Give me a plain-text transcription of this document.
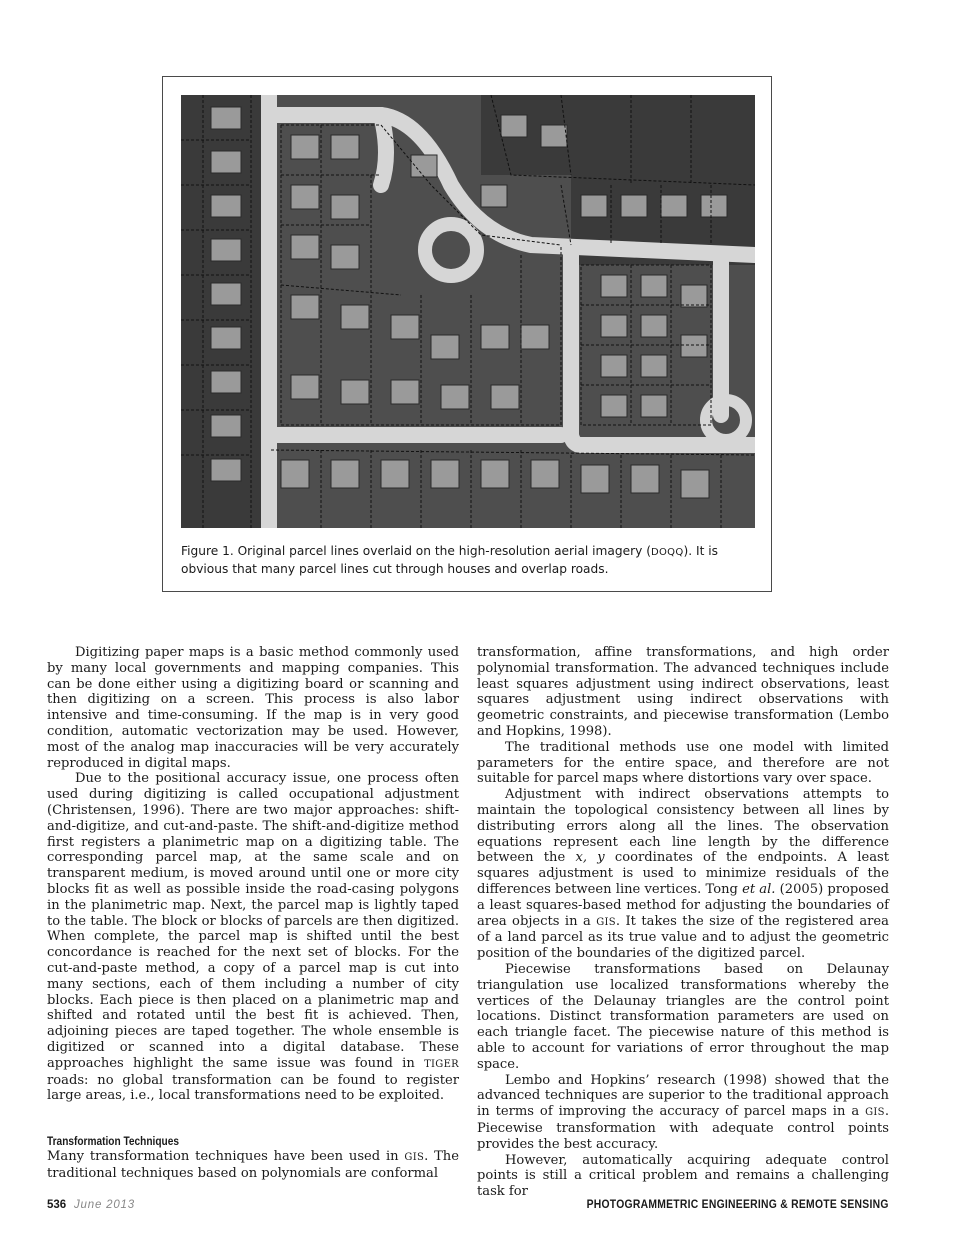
Figure 1. Original parcel lines overlaid on the high-resolution aerial imagery (DOQQ). It is obvious that many parcel lines cut through houses and overlap roads.

Digitizing paper maps is a basic method commonly used by many local governments and mapping companies. This can be done either using a digitizing board or scanning and then digitizing on a screen. This process is also labor intensive and time-consuming. If the map is in very good condition, automatic vectorization may be used. However, most of the analog map inaccuracies will be very accurately reproduced in digital maps.

Due to the positional accuracy issue, one process often used during digitizing is called occupational adjustment (Christensen, 1996). There are two major approaches: shift-and-digitize, and cut-and-paste. The shift-and-digitize method first registers a planimetric map on a digitizing table. The corresponding parcel map, at the same scale and on transparent medium, is moved around until one or more city blocks fit as well as possible inside the road-casing polygons in the planimetric map. Next, the parcel map is lightly taped to the table. The block or blocks of parcels are then digitized. When complete, the parcel map is shifted until the best concordance is reached for the next set of blocks. For the cut-and-paste method, a copy of a parcel map is cut into many sections, each of them including a number of city blocks. Each piece is then placed on a planimetric map and shifted and rotated until the best fit is achieved. Then, adjoining pieces are taped together. The whole ensemble is digitized or scanned into a digital database. These approaches highlight the same issue was found in TIGER roads: no global transformation can be found to register large areas, i.e., local transformations need to be exploited.

Transformation Techniques

Many transformation techniques have been used in GIS. The traditional techniques based on polynomials are conformal

transformation, affine transformations, and high order polynomial transformation. The advanced techniques include least squares adjustment using indirect observations, least squares adjustment using indirect observations with geometric constraints, and piecewise transformation (Lembo and Hopkins, 1998).

The traditional methods use one model with limited parameters for the entire space, and therefore are not suitable for parcel maps where distortions vary over space.

Adjustment with indirect observations attempts to maintain the topological consistency between all lines by distributing errors along all the lines. The observation equations represent each line length by the difference between the x, y coordinates of the endpoints. A least squares adjustment is used to minimize residuals of the differences between line vertices. Tong et al. (2005) proposed a least squares-based method for adjusting the boundaries of area objects in a GIS. It takes the size of the registered area of a land parcel as its true value and to adjust the geometric position of the boundaries of the digitized parcel.

Piecewise transformations based on Delaunay triangulation use localized transformations whereby the vertices of the Delaunay triangles are the control point locations. Distinct transformation parameters are used on each triangle facet. The piecewise nature of this method is able to account for variations of error throughout the map space.

Lembo and Hopkins’ research (1998) showed that the advanced techniques are superior to the traditional approach in terms of improving the accuracy of parcel maps in a GIS. Piecewise transformation with adequate control points provides the best accuracy.

However, automatically acquiring adequate control points is still a critical problem and remains a challenging task for

536 June 2013	PHOTOGRAMMETRIC ENGINEERING & REMOTE SENSING
